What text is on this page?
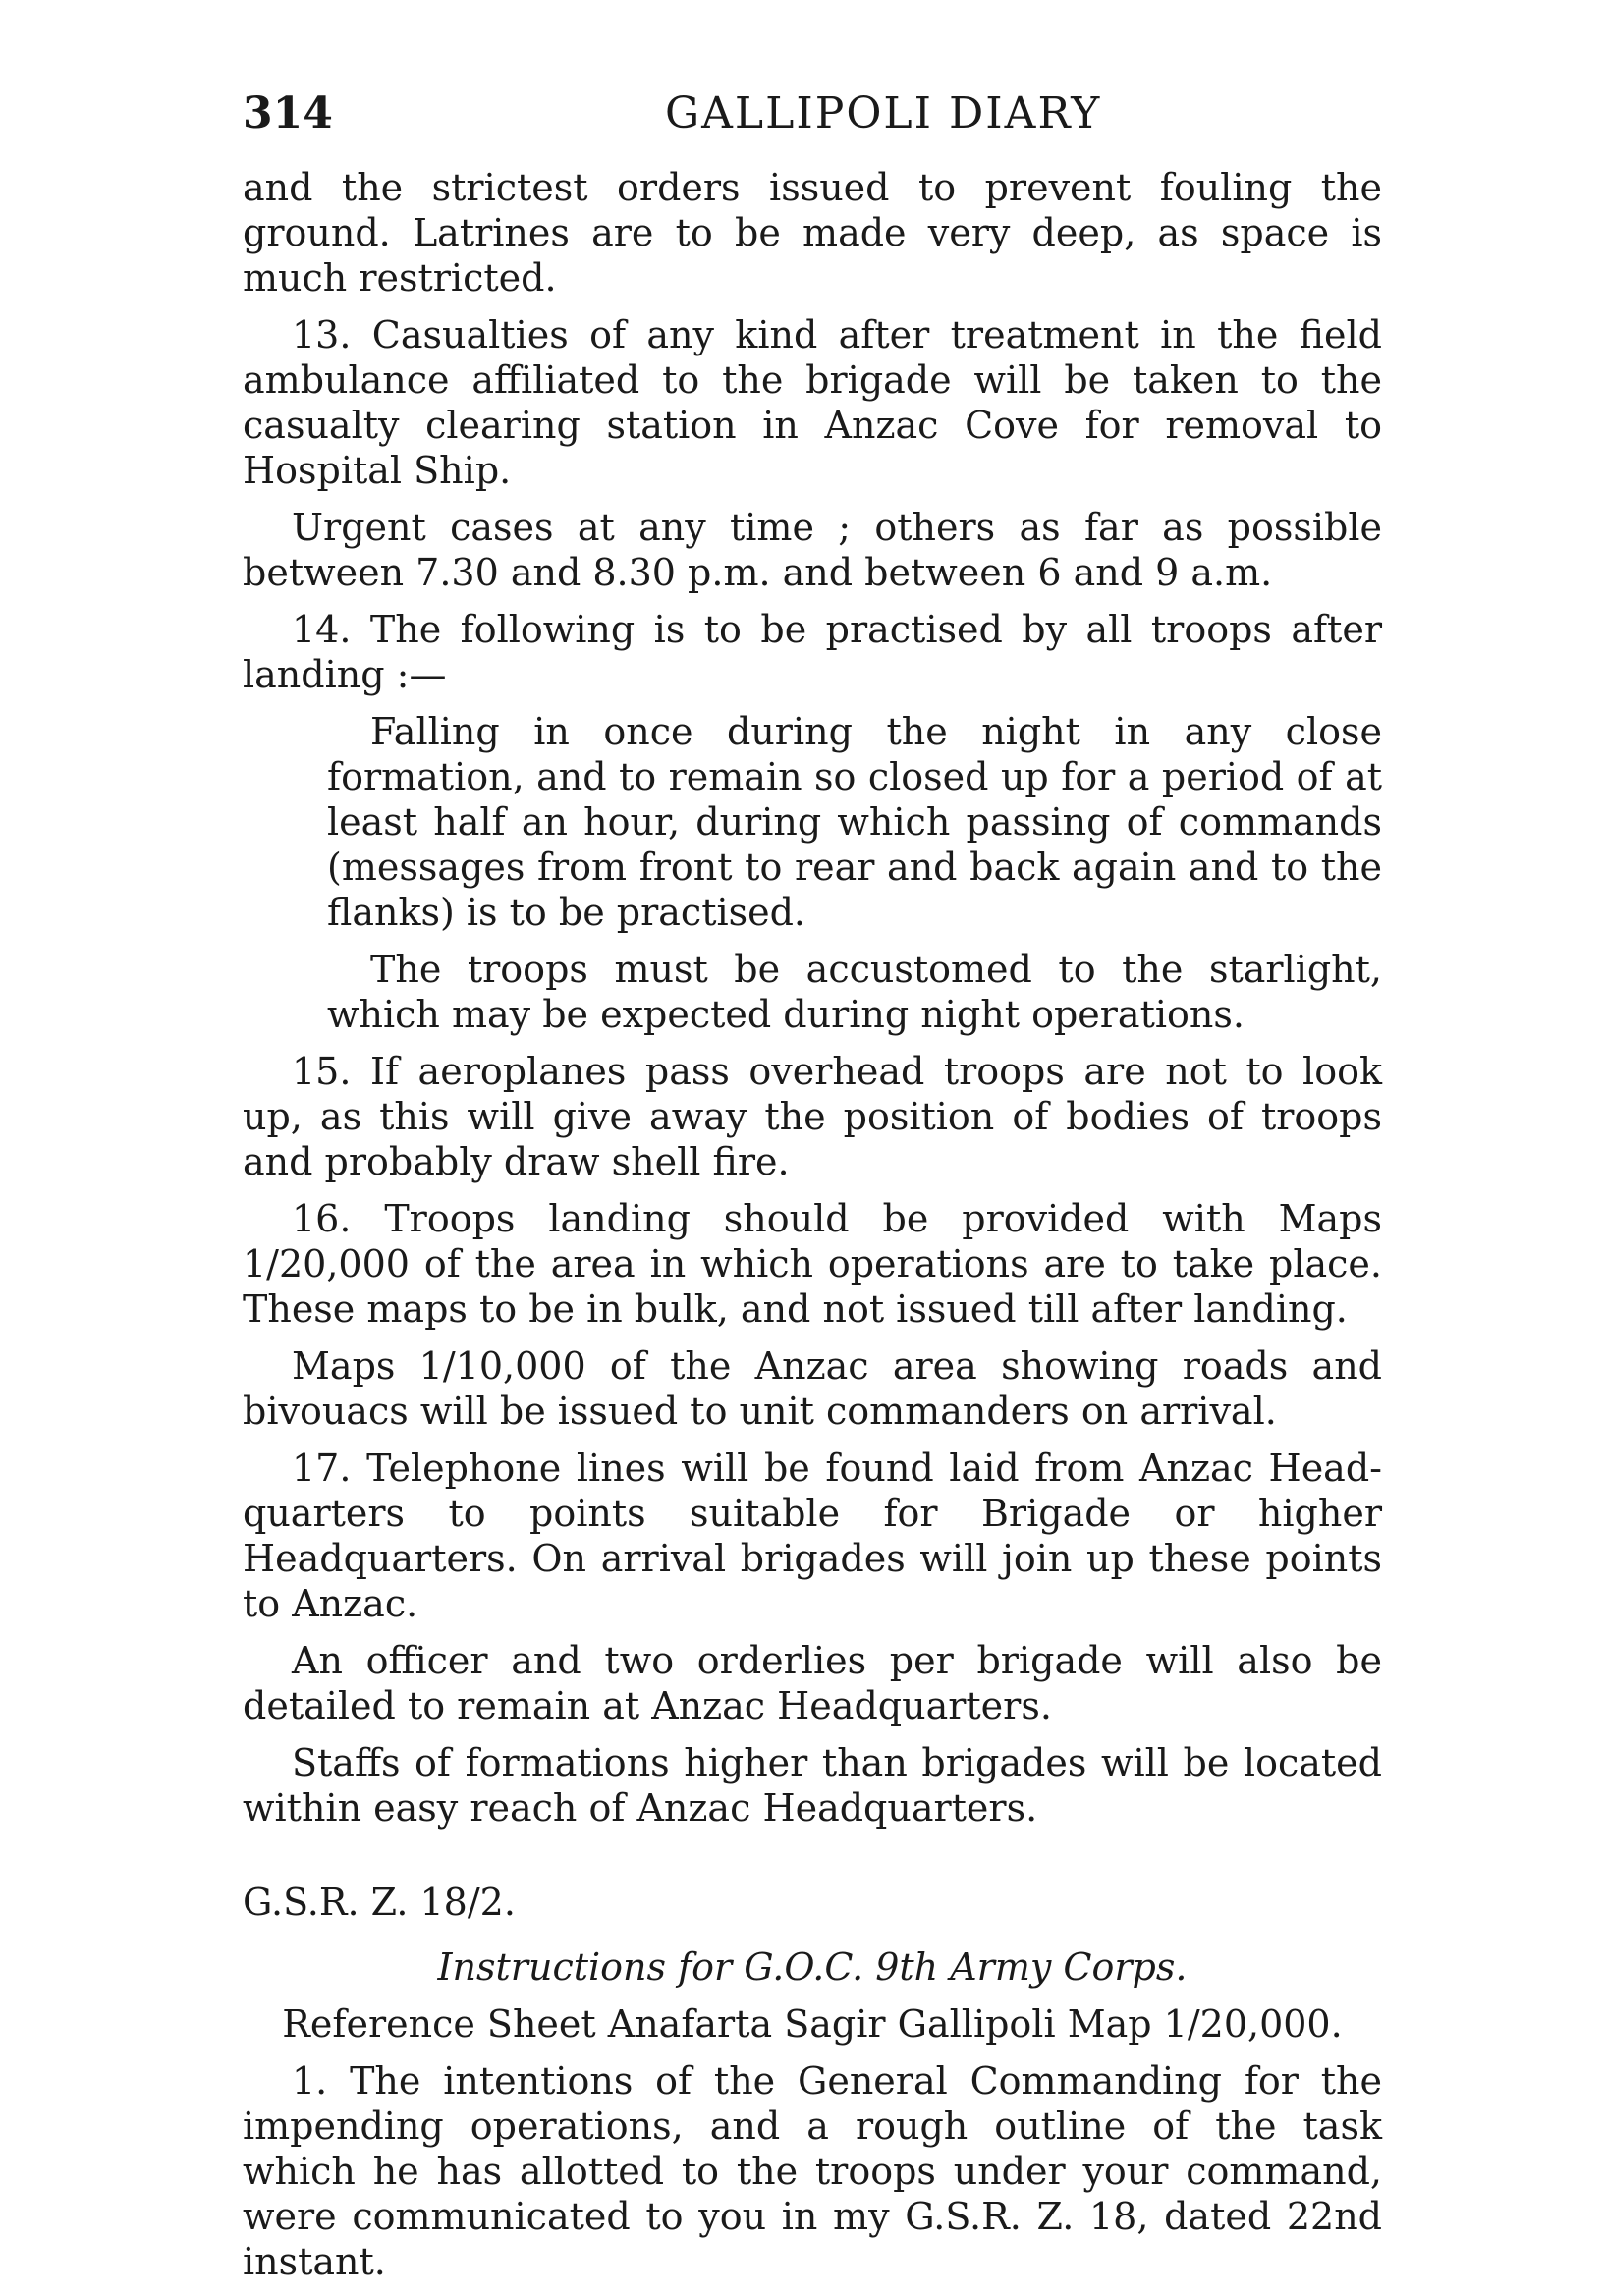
314	GALLIPOLI DIARY

and the strictest orders issued to prevent fouling the ground. Latrines are to be made very deep, as space is much restricted.

13. Casualties of any kind after treatment in the field ambulance affiliated to the brigade will be taken to the casualty clearing station in Anzac Cove for removal to Hospital Ship.

Urgent cases at any time ; others as far as possible between 7.30 and 8.30 p.m. and between 6 and 9 a.m.

14. The following is to be practised by all troops after landing :—

Falling in once during the night in any close formation, and to remain so closed up for a period of at least half an hour, during which passing of commands (messages from front to rear and back again and to the flanks) is to be practised.

The troops must be accustomed to the starlight, which may be expected during night operations.

15. If aeroplanes pass overhead troops are not to look up, as this will give away the position of bodies of troops and probably draw shell fire.

16. Troops landing should be provided with Maps 1/20,000 of the area in which operations are to take place. These maps to be in bulk, and not issued till after landing.

Maps 1/10,000 of the Anzac area showing roads and bivouacs will be issued to unit commanders on arrival.

17. Telephone lines will be found laid from Anzac Head-quarters to points suitable for Brigade or higher Headquarters. On arrival brigades will join up these points to Anzac.

An officer and two orderlies per brigade will also be detailed to remain at Anzac Headquarters.

Staffs of formations higher than brigades will be located within easy reach of Anzac Headquarters.

G.S.R. Z. 18/2.

Instructions for G.O.C. 9th Army Corps.

Reference Sheet Anafarta Sagir Gallipoli Map 1/20,000.

1. The intentions of the General Commanding for the impending operations, and a rough outline of the task which he has allotted to the troops under your command, were communicated to you in my G.S.R. Z. 18, dated 22nd instant.
